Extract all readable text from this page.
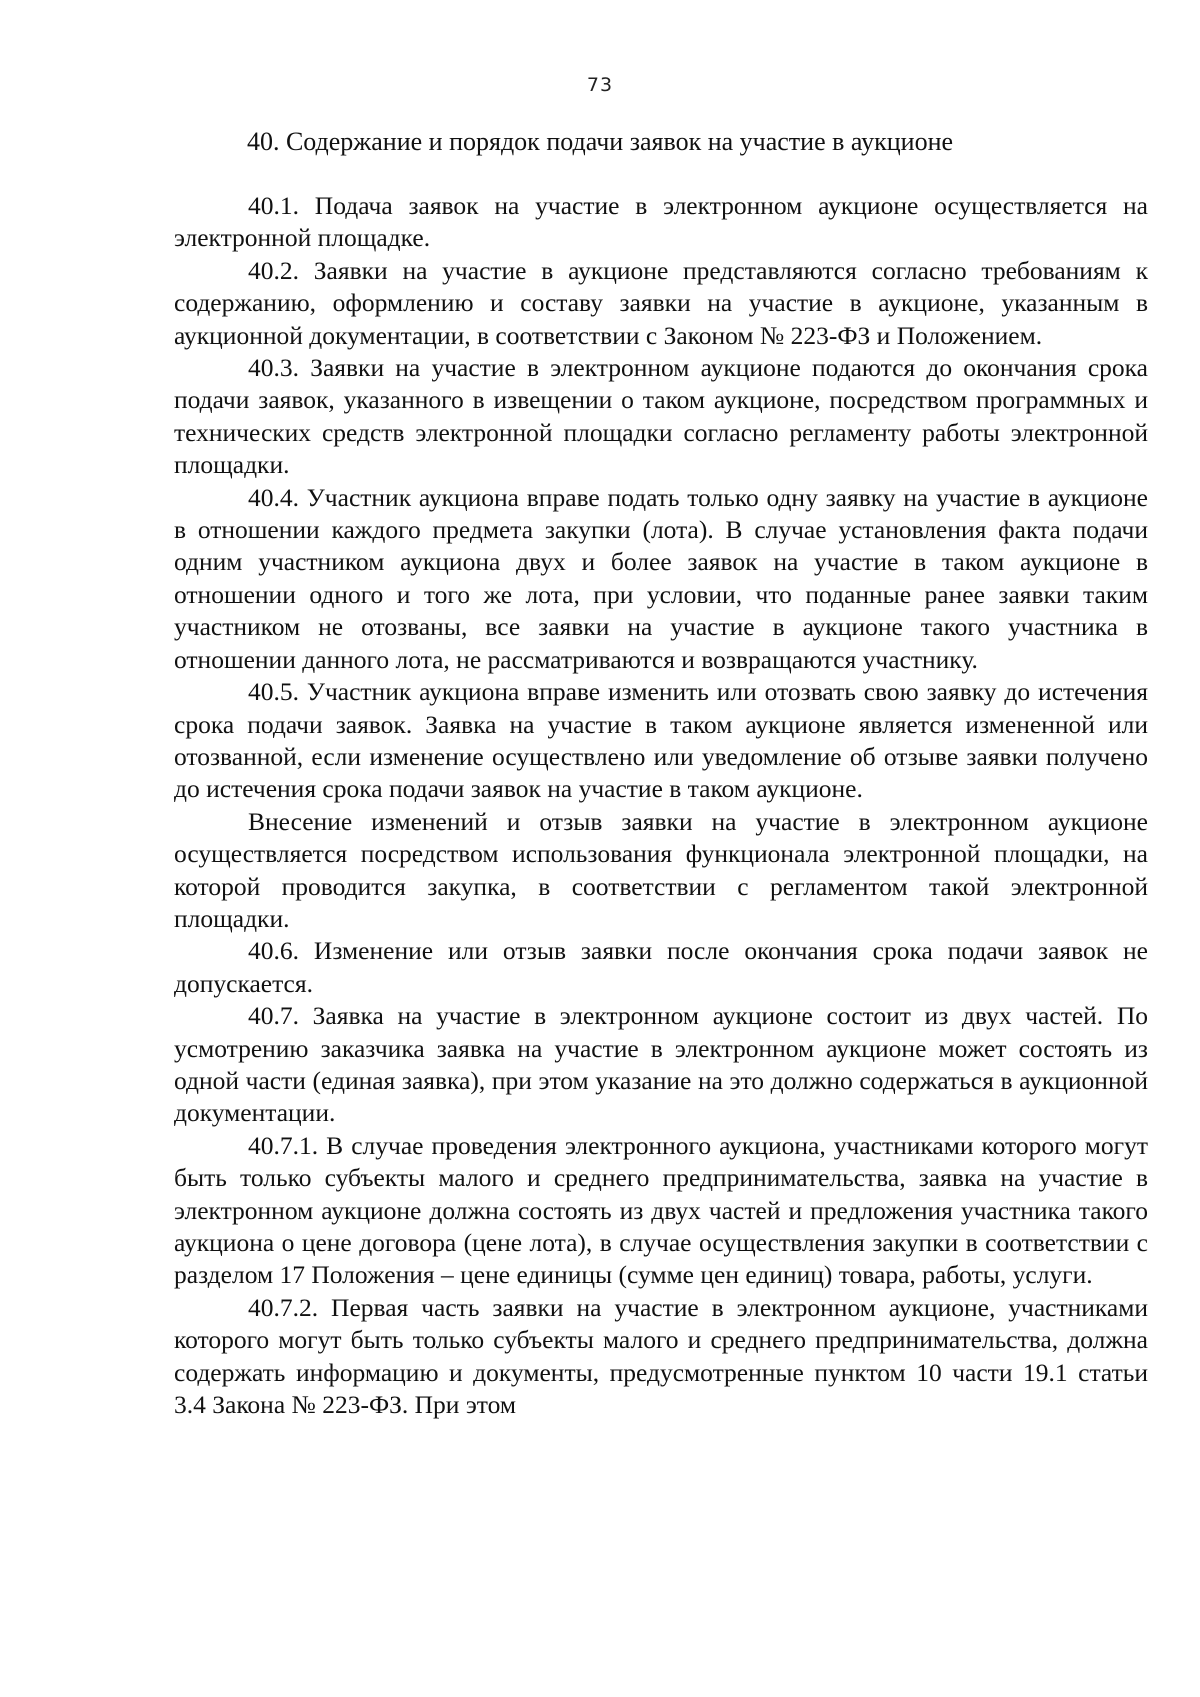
73
40. Содержание и порядок подачи заявок на участие в аукционе

40.1. Подача заявок на участие в электронном аукционе осуществляется на электронной площадке.

40.2. Заявки на участие в аукционе представляются согласно требованиям к содержанию, оформлению и составу заявки на участие в аукционе, указанным в аукционной документации, в соответствии с Законом № 223-ФЗ и Положением.

40.3. Заявки на участие в электронном аукционе подаются до окончания срока подачи заявок, указанного в извещении о таком аукционе, посредством программных и технических средств электронной площадки согласно регламенту работы электронной площадки.

40.4. Участник аукциона вправе подать только одну заявку на участие в аукционе в отношении каждого предмета закупки (лота). В случае установления факта подачи одним участником аукциона двух и более заявок на участие в таком аукционе в отношении одного и того же лота, при условии, что поданные ранее заявки таким участником не отозваны, все заявки на участие в аукционе такого участника в отношении данного лота, не рассматриваются и возвращаются участнику.

40.5. Участник аукциона вправе изменить или отозвать свою заявку до истечения срока подачи заявок. Заявка на участие в таком аукционе является измененной или отозванной, если изменение осуществлено или уведомление об отзыве заявки получено до истечения срока подачи заявок на участие в таком аукционе.

Внесение изменений и отзыв заявки на участие в электронном аукционе осуществляется посредством использования функционала электронной площадки, на которой проводится закупка, в соответствии с регламентом такой электронной площадки.

40.6. Изменение или отзыв заявки после окончания срока подачи заявок не допускается.

40.7. Заявка на участие в электронном аукционе состоит из двух частей. По усмотрению заказчика заявка на участие в электронном аукционе может состоять из одной части (единая заявка), при этом указание на это должно содержаться в аукционной документации.

40.7.1. В случае проведения электронного аукциона, участниками которого могут быть только субъекты малого и среднего предпринимательства, заявка на участие в электронном аукционе должна состоять из двух частей и предложения участника такого аукциона о цене договора (цене лота), в случае осуществления закупки в соответствии с разделом 17 Положения – цене единицы (сумме цен единиц) товара, работы, услуги.

40.7.2. Первая часть заявки на участие в электронном аукционе, участниками которого могут быть только субъекты малого и среднего предпринимательства, должна содержать информацию и документы, предусмотренные пунктом 10 части 19.1 статьи 3.4 Закона № 223-ФЗ. При этом
